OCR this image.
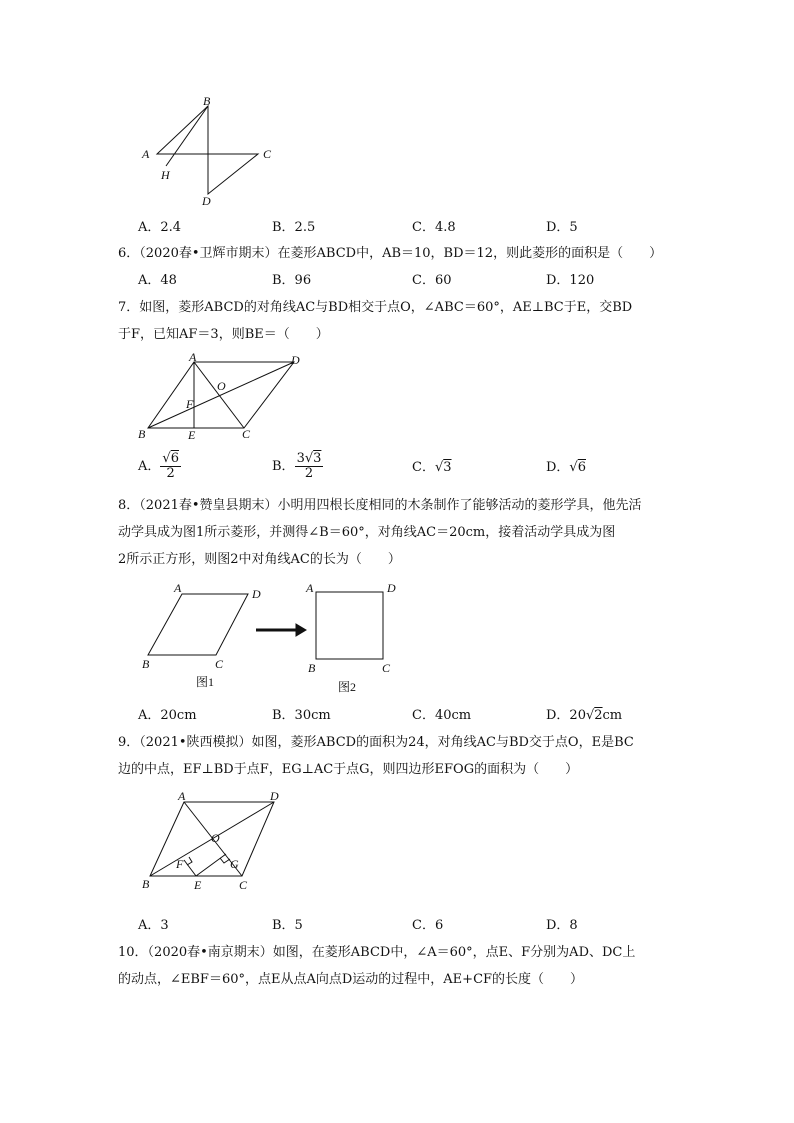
B
A	C
H
D
A．2.4	B．2.5	C．4.8	D．5
6．（2020春•卫辉市期末）在菱形ABCD中，AB＝10，BD＝12，则此菱形的面积是（　　）
A．48	B．96	C．60	D．120
7．如图，菱形ABCD的对角线AC与BD相交于点O，∠ABC＝60°，AE⊥BC于E，交BD
于F，已知AF＝3，则BE＝（　　）
A	D
O
F
B	E	C
A． $\frac{√6}{2}$	B． $\frac{3√3}{2}$	C．√3	D．√6
8．（2021春•赞皇县期末）小明用四根长度相同的木条制作了能够活动的菱形学具，他先活
动学具成为图1所示菱形，并测得∠B＝60°，对角线AC＝20cm，接着活动学具成为图
2所示正方形，则图2中对角线AC的长为（　　）
A	D
B	C
图1
A	D
B	C
图2
A．20cm	B．30cm	C．40cm	D．20√2cm
9．（2021•陕西模拟）如图，菱形ABCD的面积为24，对角线AC与BD交于点O，E是BC
边的中点，EF⊥BD于点F，EG⊥AC于点G，则四边形EFOG的面积为（　　）
A	D
O
F	G
B	E	C
A．3	B．5	C．6	D．8
10．（2020春•南京期末）如图，在菱形ABCD中，∠A＝60°，点E、F分别为AD、DC上
的动点，∠EBF＝60°，点E从点A向点D运动的过程中，AE+CF的长度（　　）
